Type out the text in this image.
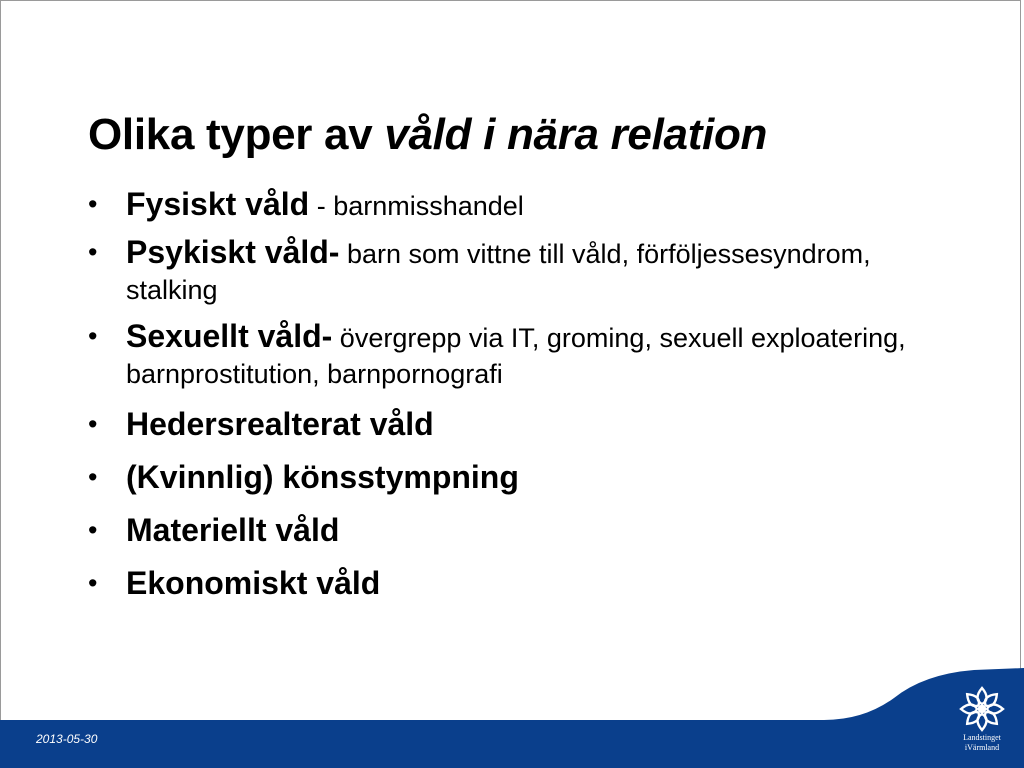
Olika typer av våld i nära relation
• Fysiskt våld - barnmisshandel
• Psykiskt våld- barn som vittne till våld, förföljessesyndrom, stalking
• Sexuellt våld- övergrepp via IT, groming, sexuell exploatering, barnprostitution, barnpornografi
• Hedersrealterat våld
• (Kvinnlig) könsstympning
• Materiellt våld
• Ekonomiskt våld
2013-05-30	Landstinget
iVärmland
